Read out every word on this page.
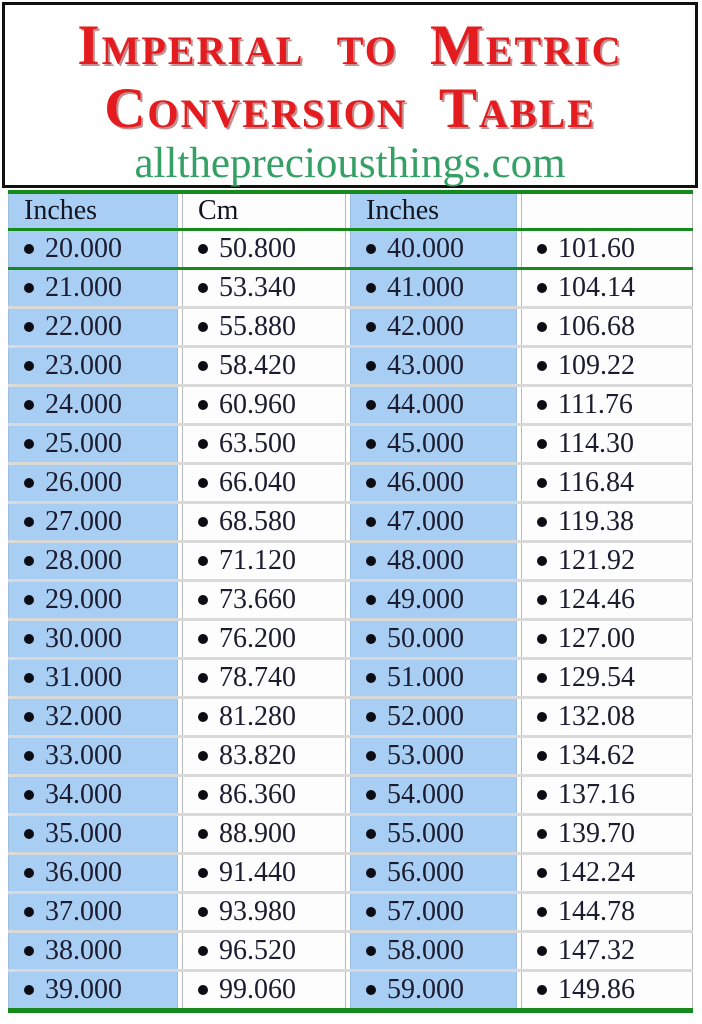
Imperial to Metric
Conversion Table
allthepreciousthings.com
Inches	Cm	Inches
20.000	50.800	40.000	101.60
21.000	53.340	41.000	104.14
22.000	55.880	42.000	106.68
23.000	58.420	43.000	109.22
24.000	60.960	44.000	111.76
25.000	63.500	45.000	114.30
26.000	66.040	46.000	116.84
27.000	68.580	47.000	119.38
28.000	71.120	48.000	121.92
29.000	73.660	49.000	124.46
30.000	76.200	50.000	127.00
31.000	78.740	51.000	129.54
32.000	81.280	52.000	132.08
33.000	83.820	53.000	134.62
34.000	86.360	54.000	137.16
35.000	88.900	55.000	139.70
36.000	91.440	56.000	142.24
37.000	93.980	57.000	144.78
38.000	96.520	58.000	147.32
39.000	99.060	59.000	149.86
